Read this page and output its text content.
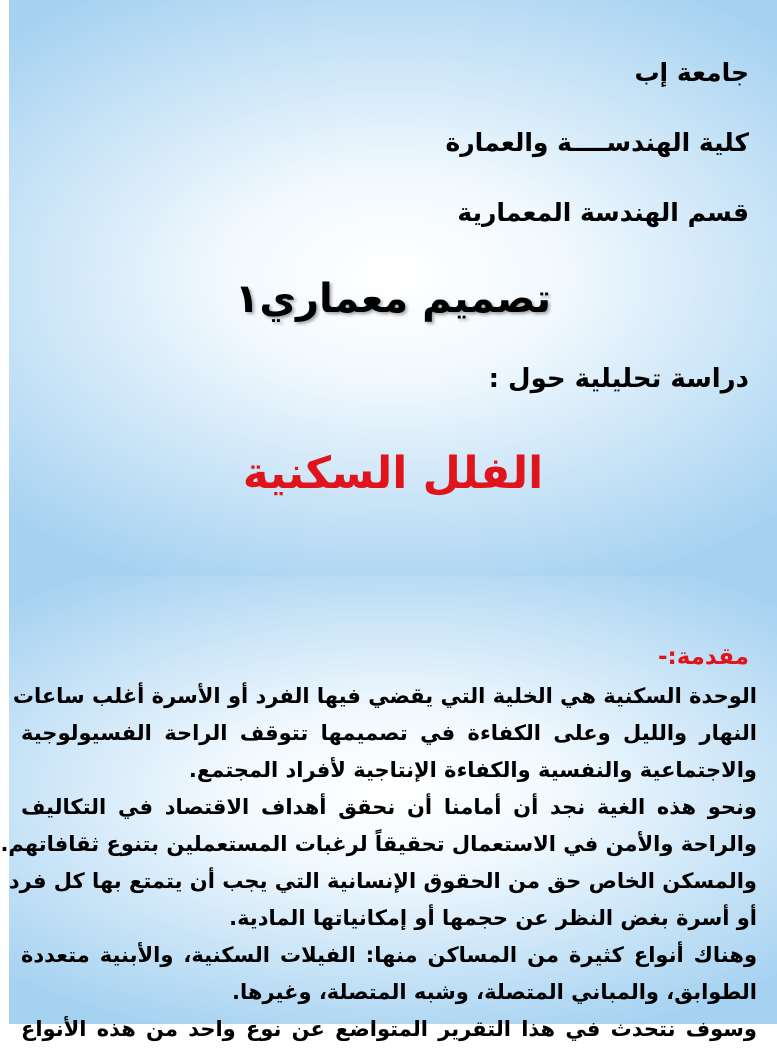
جامعة إب

كلية الهندســــة والعمارة

قسم الهندسة المعمارية

تصميم معماري١

دراسة تحليلية حول :

الفلل السكنية
مقدمة:-
الوحدة السكنية هي الخلية التي يقضي فيها الفرد أو الأسرة أغلب ساعات
النهار والليل وعلى الكفاءة في تصميمها تتوقف الراحة الفسيولوجية
والاجتماعية والنفسية والكفاءة الإنتاجية لأفراد المجتمع.
ونحو هذه الغية نجد أن أمامنا أن نحقق أهداف الاقتصاد في التكاليف
والراحة والأمن في الاستعمال تحقيقاً لرغبات المستعملين بتنوع ثقافاتهم.
والمسكن الخاص حق من الحقوق الإنسانية التي يجب أن يتمتع بها كل فرد
أو أسرة بغض النظر عن حجمها أو إمكانياتها المادية.
وهناك أنواع كثيرة من المساكن منها: الفيلات السكنية، والأبنية متعددة
الطوابق، والمباني المتصلة، وشبه المتصلة، وغيرها.
وسوف نتحدث في هذا التقرير المتواضع عن نوع واحد من هذه الأنواع
